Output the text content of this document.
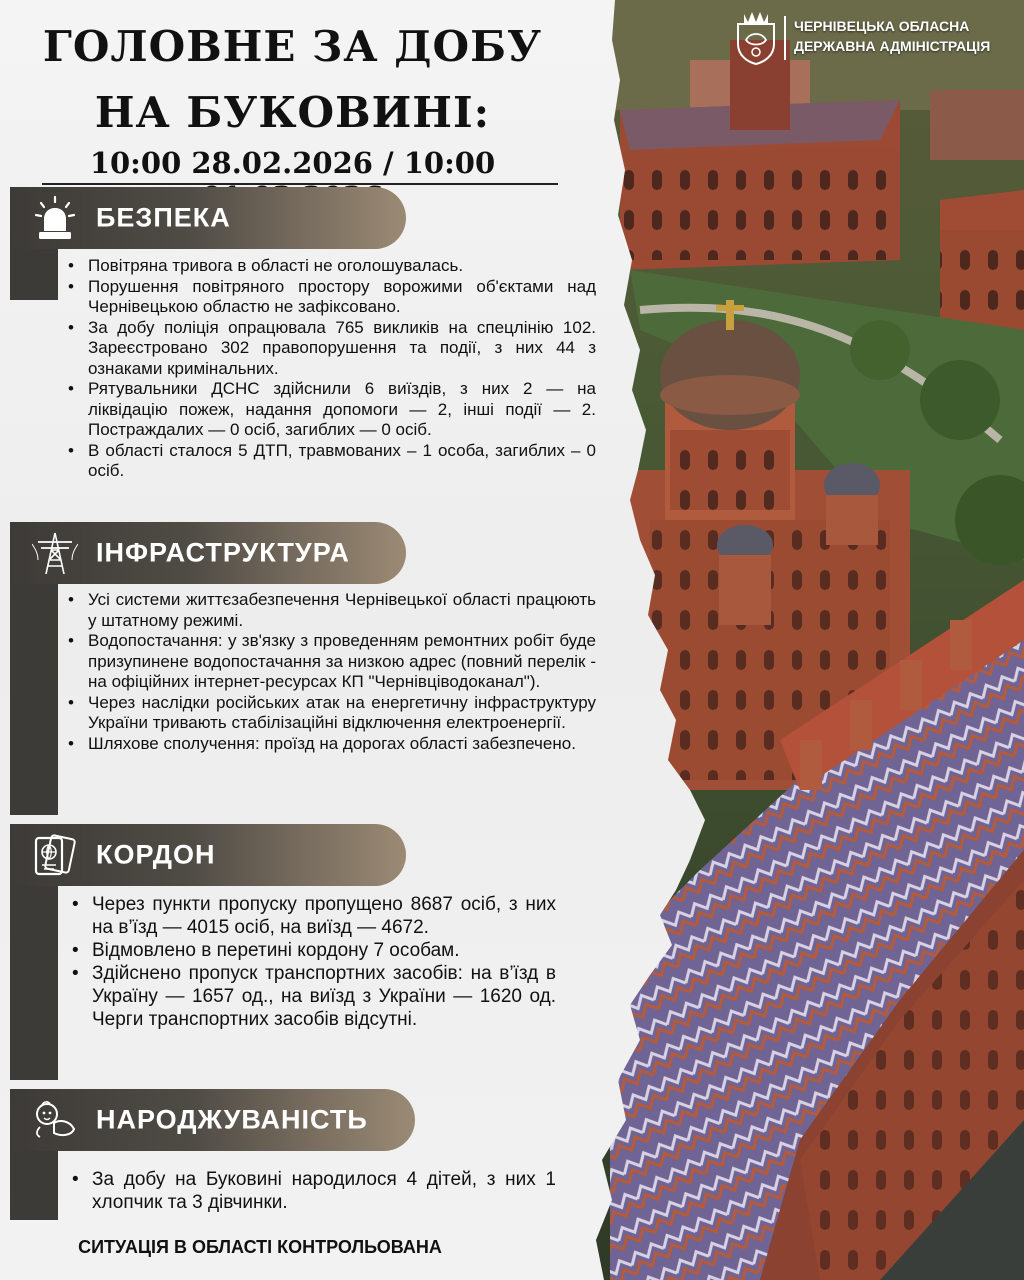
ЧЕРНІВЕЦЬКА ОБЛАСНА
ДЕРЖАВНА АДМІНІСТРАЦІЯ
ГОЛОВНЕ ЗА ДОБУ
НА БУКОВИНІ:
10:00 28.02.2026 / 10:00
БЕЗПЕКА
• Повітряна тривога в області не оголошувалась.
• Порушення повітряного простору ворожими об'єктами над Чернівецькою областю не зафіксовано.
• За добу поліція опрацювала 765 викликів на спецлінію 102. Зареєстровано 302 правопорушення та події, з них 44 з ознаками кримінальних.
• Рятувальники ДСНС здійснили 6 виїздів, з них 2 — на ліквідацію пожеж, надання допомоги — 2, інші події — 2. Постраждалих — 0 осіб, загиблих — 0 осіб.
• В області сталося 5 ДТП, травмованих – 1 особа, загиблих – 0 осіб.
ІНФРАСТРУКТУРА
• Усі системи життєзабезпечення Чернівецької області працюють у штатному режимі.
• Водопостачання: у зв'язку з проведенням ремонтних робіт буде призупинене водопостачання за низкою адрес (повний перелік - на офіційних інтернет-ресурсах КП "Чернівціводоканал").
• Через наслідки російських атак на енергетичну інфраструктуру України тривають стабілізаційні відключення електроенергії.
• Шляхове сполучення: проїзд на дорогах області забезпечено.
КОРДОН
• Через пункти пропуску пропущено 8687 осіб, з них на в’їзд — 4015 осіб, на виїзд — 4672.
• Відмовлено в перетині кордону 7 особам.
• Здійснено пропуск транспортних засобів: на в’їзд в Україну — 1657 од., на виїзд з України — 1620 од. Черги транспортних засобів відсутні.
НАРОДЖУВАНІСТЬ
• За добу на Буковині народилося 4 дітей, з них 1 хлопчик та 3 дівчинки.
СИТУАЦІЯ В ОБЛАСТІ КОНТРОЛЬОВАНА
